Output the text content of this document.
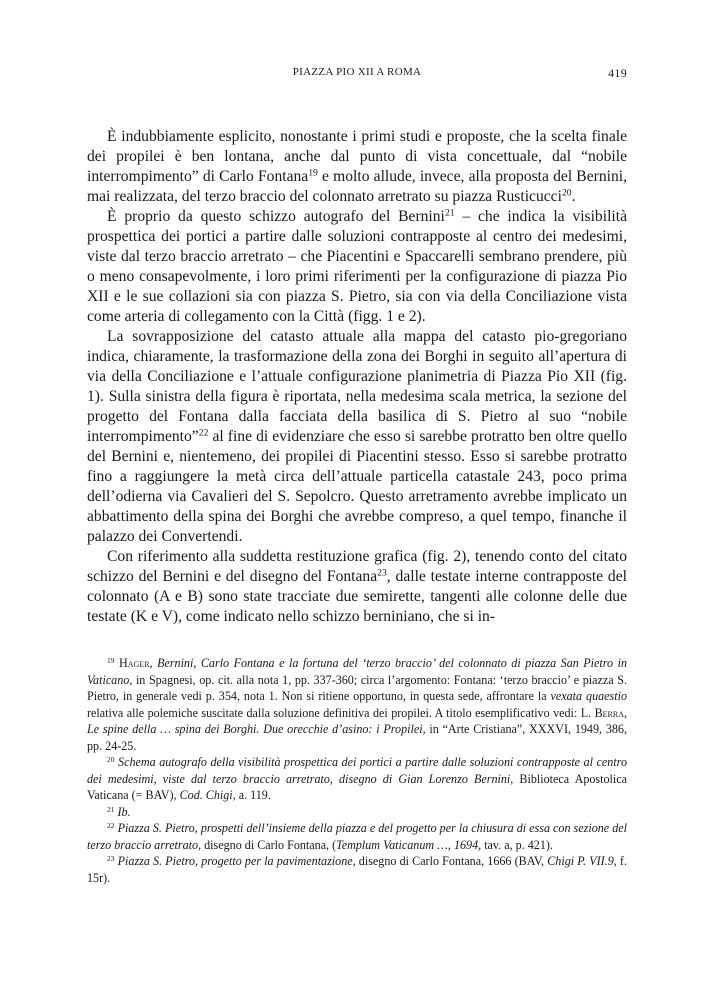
PIAZZA PIO XII A ROMA	419

È indubbiamente esplicito, nonostante i primi studi e proposte, che la scelta finale dei propilei è ben lontana, anche dal punto di vista concettuale, dal “nobile interrompimento” di Carlo Fontana$^{19}$ e molto allude, invece, alla proposta del Bernini, mai realizzata, del terzo braccio del colonnato arretrato su piazza Rusticucci$^{20}$.

È proprio da questo schizzo autografo del Bernini$^{21}$ – che indica la visibilità prospettica dei portici a partire dalle soluzioni contrapposte al centro dei medesimi, viste dal terzo braccio arretrato – che Piacentini e Spaccarelli sembrano prendere, più o meno consapevolmente, i loro primi riferimenti per la configurazione di piazza Pio XII e le sue collazioni sia con piazza S. Pietro, sia con via della Conciliazione vista come arteria di collegamento con la Città (figg. 1 e 2).

La sovrapposizione del catasto attuale alla mappa del catasto pio-gregoriano indica, chiaramente, la trasformazione della zona dei Borghi in seguito all’apertura di via della Conciliazione e l’attuale configurazione planimetria di Piazza Pio XII (fig. 1). Sulla sinistra della figura è riportata, nella medesima scala metrica, la sezione del progetto del Fontana dalla facciata della basilica di S. Pietro al suo “nobile interrompimento”$^{22}$ al fine di evidenziare che esso si sarebbe protratto ben oltre quello del Bernini e, nientemeno, dei propilei di Piacentini stesso. Esso si sarebbe protratto fino a raggiungere la metà circa dell’attuale particella catastale 243, poco prima dell’odierna via Cavalieri del S. Sepolcro. Questo arretramento avrebbe implicato un abbattimento della spina dei Borghi che avrebbe compreso, a quel tempo, finanche il palazzo dei Convertendi.

Con riferimento alla suddetta restituzione grafica (fig. 2), tenendo conto del citato schizzo del Bernini e del disegno del Fontana$^{23}$, dalle testate interne contrapposte del colonnato (A e B) sono state tracciate due semirette, tangenti alle colonne delle due testate (K e V), come indicato nello schizzo berniniano, che si in-

$^{19}$ Hager, Bernini, Carlo Fontana e la fortuna del ‘terzo braccio’ del colonnato di piazza San Pietro in Vaticano, in Spagnesi, op. cit. alla nota 1, pp. 337-360; circa l’argomento: Fontana: ‘terzo braccio’ e piazza S. Pietro, in generale vedi p. 354, nota 1. Non si ritiene opportuno, in questa sede, affrontare la vexata quaestio relativa alle polemiche suscitate dalla soluzione definitiva dei propilei. A titolo esemplificativo vedi: L. Berra, Le spine della … spina dei Borghi. Due orecchie d’asino: i Propilei, in “Arte Cristiana”, XXXVI, 1949, 386, pp. 24-25.

$^{20}$ Schema autografo della visibilità prospettica dei portici a partire dalle soluzioni contrapposte al centro dei medesimi, viste dal terzo braccio arretrato, disegno di Gian Lorenzo Bernini, Biblioteca Apostolica Vaticana (= BAV), Cod. Chigi, a. 119.

$^{21}$ Ib.

$^{22}$ Piazza S. Pietro, prospetti dell’insieme della piazza e del progetto per la chiusura di essa con sezione del terzo braccio arretrato, disegno di Carlo Fontana, (Templum Vaticanum …, 1694, tav. a, p. 421).

$^{23}$ Piazza S. Pietro, progetto per la pavimentazione, disegno di Carlo Fontana, 1666 (BAV, Chigi P. VII.9, f. 15r).
